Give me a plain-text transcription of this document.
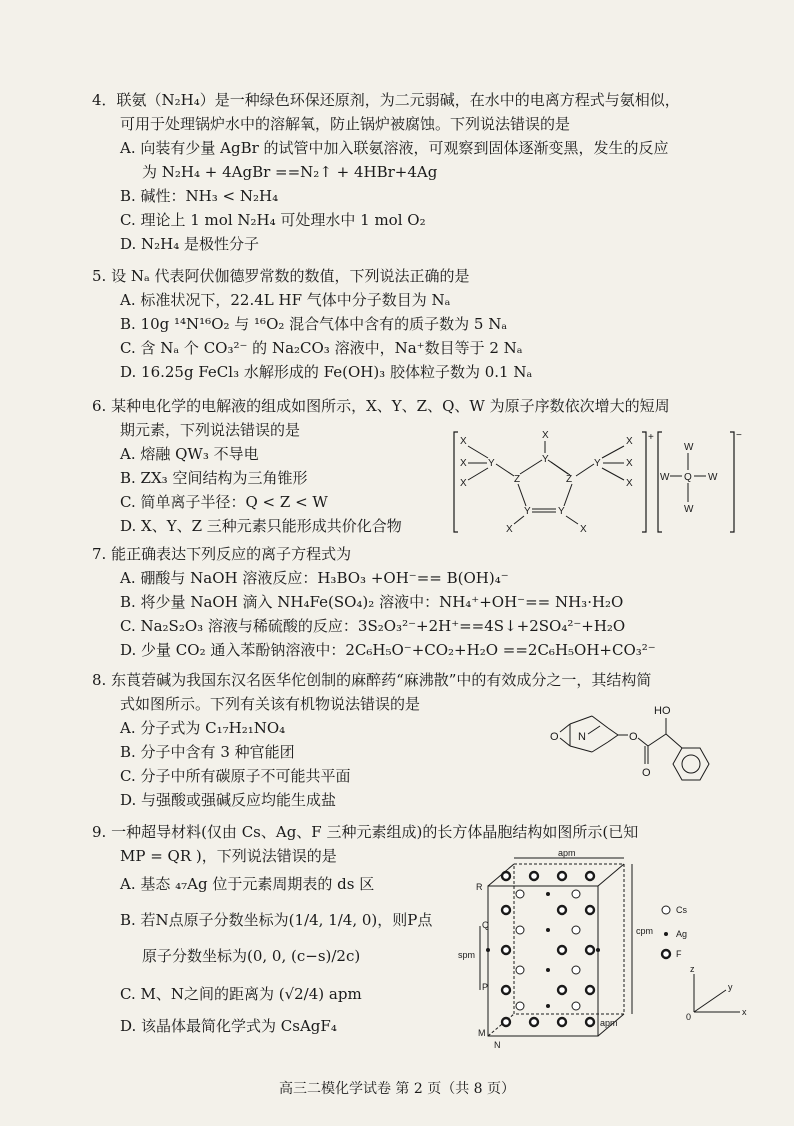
4．联氨（N₂H₄）是一种绿色环保还原剂，为二元弱碱，在水中的电离方程式与氨相似，
可用于处理锅炉水中的溶解氧，防止锅炉被腐蚀。下列说法错误的是
A. 向装有少量 AgBr 的试管中加入联氨溶液，可观察到固体逐渐变黑，发生的反应
为 N₂H₄ + 4AgBr ==N₂↑ + 4HBr+4Ag
B. 碱性：NH₃ < N₂H₄
C. 理论上 1 mol N₂H₄ 可处理水中 1 mol O₂
D. N₂H₄ 是极性分子
5. 设 Nₐ 代表阿伏伽德罗常数的数值，下列说法正确的是
A. 标准状况下，22.4L HF 气体中分子数目为 Nₐ
B. 10g ¹⁴N¹⁶O₂ 与 ¹⁶O₂ 混合气体中含有的质子数为 5 Nₐ
C. 含 Nₐ 个 CO₃²⁻ 的 Na₂CO₃ 溶液中，Na⁺数目等于 2 Nₐ
D. 16.25g FeCl₃ 水解形成的 Fe(OH)₃ 胶体粒子数为 0.1 Nₐ
6. 某种电化学的电解液的组成如图所示，X、Y、Z、Q、W 为原子序数依次增大的短周
期元素，下列说法错误的是
A. 熔融 QW₃ 不导电
B. ZX₃ 空间结构为三角锥形
C. 简单离子半径：Q < Z < W
D. X、Y、Z 三种元素只能形成共价化合物
+
Y
Z	Z
Y	Y
X
Y
X
X
X
Y
X
X
X
X	X
−
Q
W
W
W	W
7. 能正确表达下列反应的离子方程式为
A. 硼酸与 NaOH 溶液反应：H₃BO₃ +OH⁻== B(OH)₄⁻
B. 将少量 NaOH 滴入 NH₄Fe(SO₄)₂ 溶液中：NH₄⁺+OH⁻== NH₃·H₂O
C. Na₂S₂O₃ 溶液与稀硫酸的反应：3S₂O₃²⁻+2H⁺==4S↓+2SO₄²⁻+H₂O
D. 少量 CO₂ 通入苯酚钠溶液中：2C₆H₅O⁻+CO₂+H₂O ==2C₆H₅OH+CO₃²⁻
8. 东莨菪碱为我国东汉名医华佗创制的麻醉药“麻沸散”中的有效成分之一，其结构简
式如图所示。下列有关该有机物说法错误的是
A. 分子式为 C₁₇H₂₁NO₄
B. 分子中含有 3 种官能团
C. 分子中所有碳原子不可能共平面
D. 与强酸或强碱反应均能生成盐
O N	O
O
HO
9. 一种超导材料(仅由 Cs、Ag、F 三种元素组成)的长方体晶胞结构如图所示(已知
MP = QR )，下列说法错误的是
A. 基态 ₄₇Ag 位于元素周期表的 ds 区
B. 若N点原子分数坐标为(1/4, 1/4, 0)，则P点
原子分数坐标为(0, 0, (c−s)/2c)
C. M、N之间的距离为 (√2/4) apm
D. 该晶体最简化学式为 CsAgF₄
apm
cpm
apm
spm
R
Q
P
M
N
Cs
Ag
F
z
y
x
0
高三二模化学试卷 第 2 页（共 8 页）
